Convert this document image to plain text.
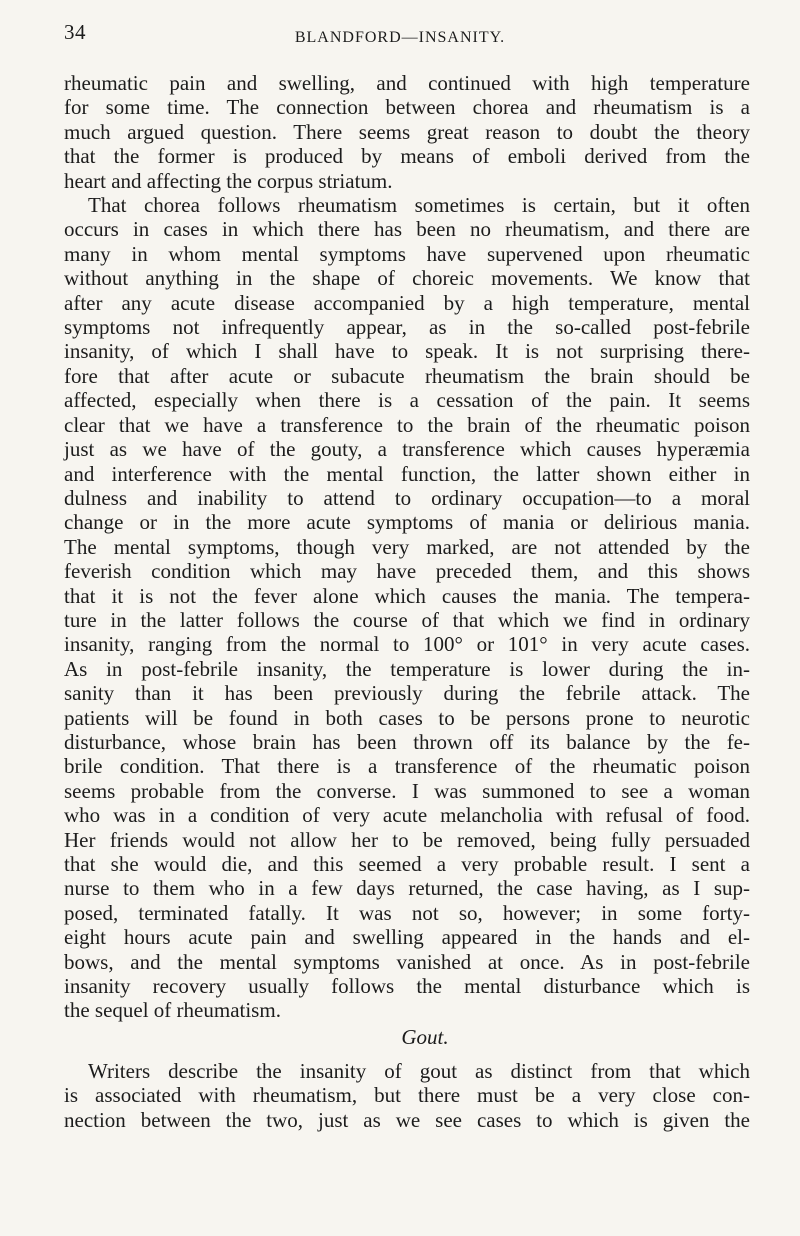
34	BLANDFORD—INSANITY.
rheumatic pain and swelling, and continued with high temperature
for some time. The connection between chorea and rheumatism is a
much argued question. There seems great reason to doubt the theory
that the former is produced by means of emboli derived from the
heart and affecting the corpus striatum.
That chorea follows rheumatism sometimes is certain, but it often
occurs in cases in which there has been no rheumatism, and there are
many in whom mental symptoms have supervened upon rheumatic
without anything in the shape of choreic movements. We know that
after any acute disease accompanied by a high temperature, mental
symptoms not infrequently appear, as in the so-called post-febrile
insanity, of which I shall have to speak. It is not surprising there-
fore that after acute or subacute rheumatism the brain should be
affected, especially when there is a cessation of the pain. It seems
clear that we have a transference to the brain of the rheumatic poison
just as we have of the gouty, a transference which causes hyperæmia
and interference with the mental function, the latter shown either in
dulness and inability to attend to ordinary occupation—to a moral
change or in the more acute symptoms of mania or delirious mania.
The mental symptoms, though very marked, are not attended by the
feverish condition which may have preceded them, and this shows
that it is not the fever alone which causes the mania. The tempera-
ture in the latter follows the course of that which we find in ordinary
insanity, ranging from the normal to 100° or 101° in very acute cases.
As in post-febrile insanity, the temperature is lower during the in-
sanity than it has been previously during the febrile attack. The
patients will be found in both cases to be persons prone to neurotic
disturbance, whose brain has been thrown off its balance by the fe-
brile condition. That there is a transference of the rheumatic poison
seems probable from the converse. I was summoned to see a woman
who was in a condition of very acute melancholia with refusal of food.
Her friends would not allow her to be removed, being fully persuaded
that she would die, and this seemed a very probable result. I sent a
nurse to them who in a few days returned, the case having, as I sup-
posed, terminated fatally. It was not so, however; in some forty-
eight hours acute pain and swelling appeared in the hands and el-
bows, and the mental symptoms vanished at once. As in post-febrile
insanity recovery usually follows the mental disturbance which is
the sequel of rheumatism.
Gout.
Writers describe the insanity of gout as distinct from that which
is associated with rheumatism, but there must be a very close con-
nection between the two, just as we see cases to which is given the
